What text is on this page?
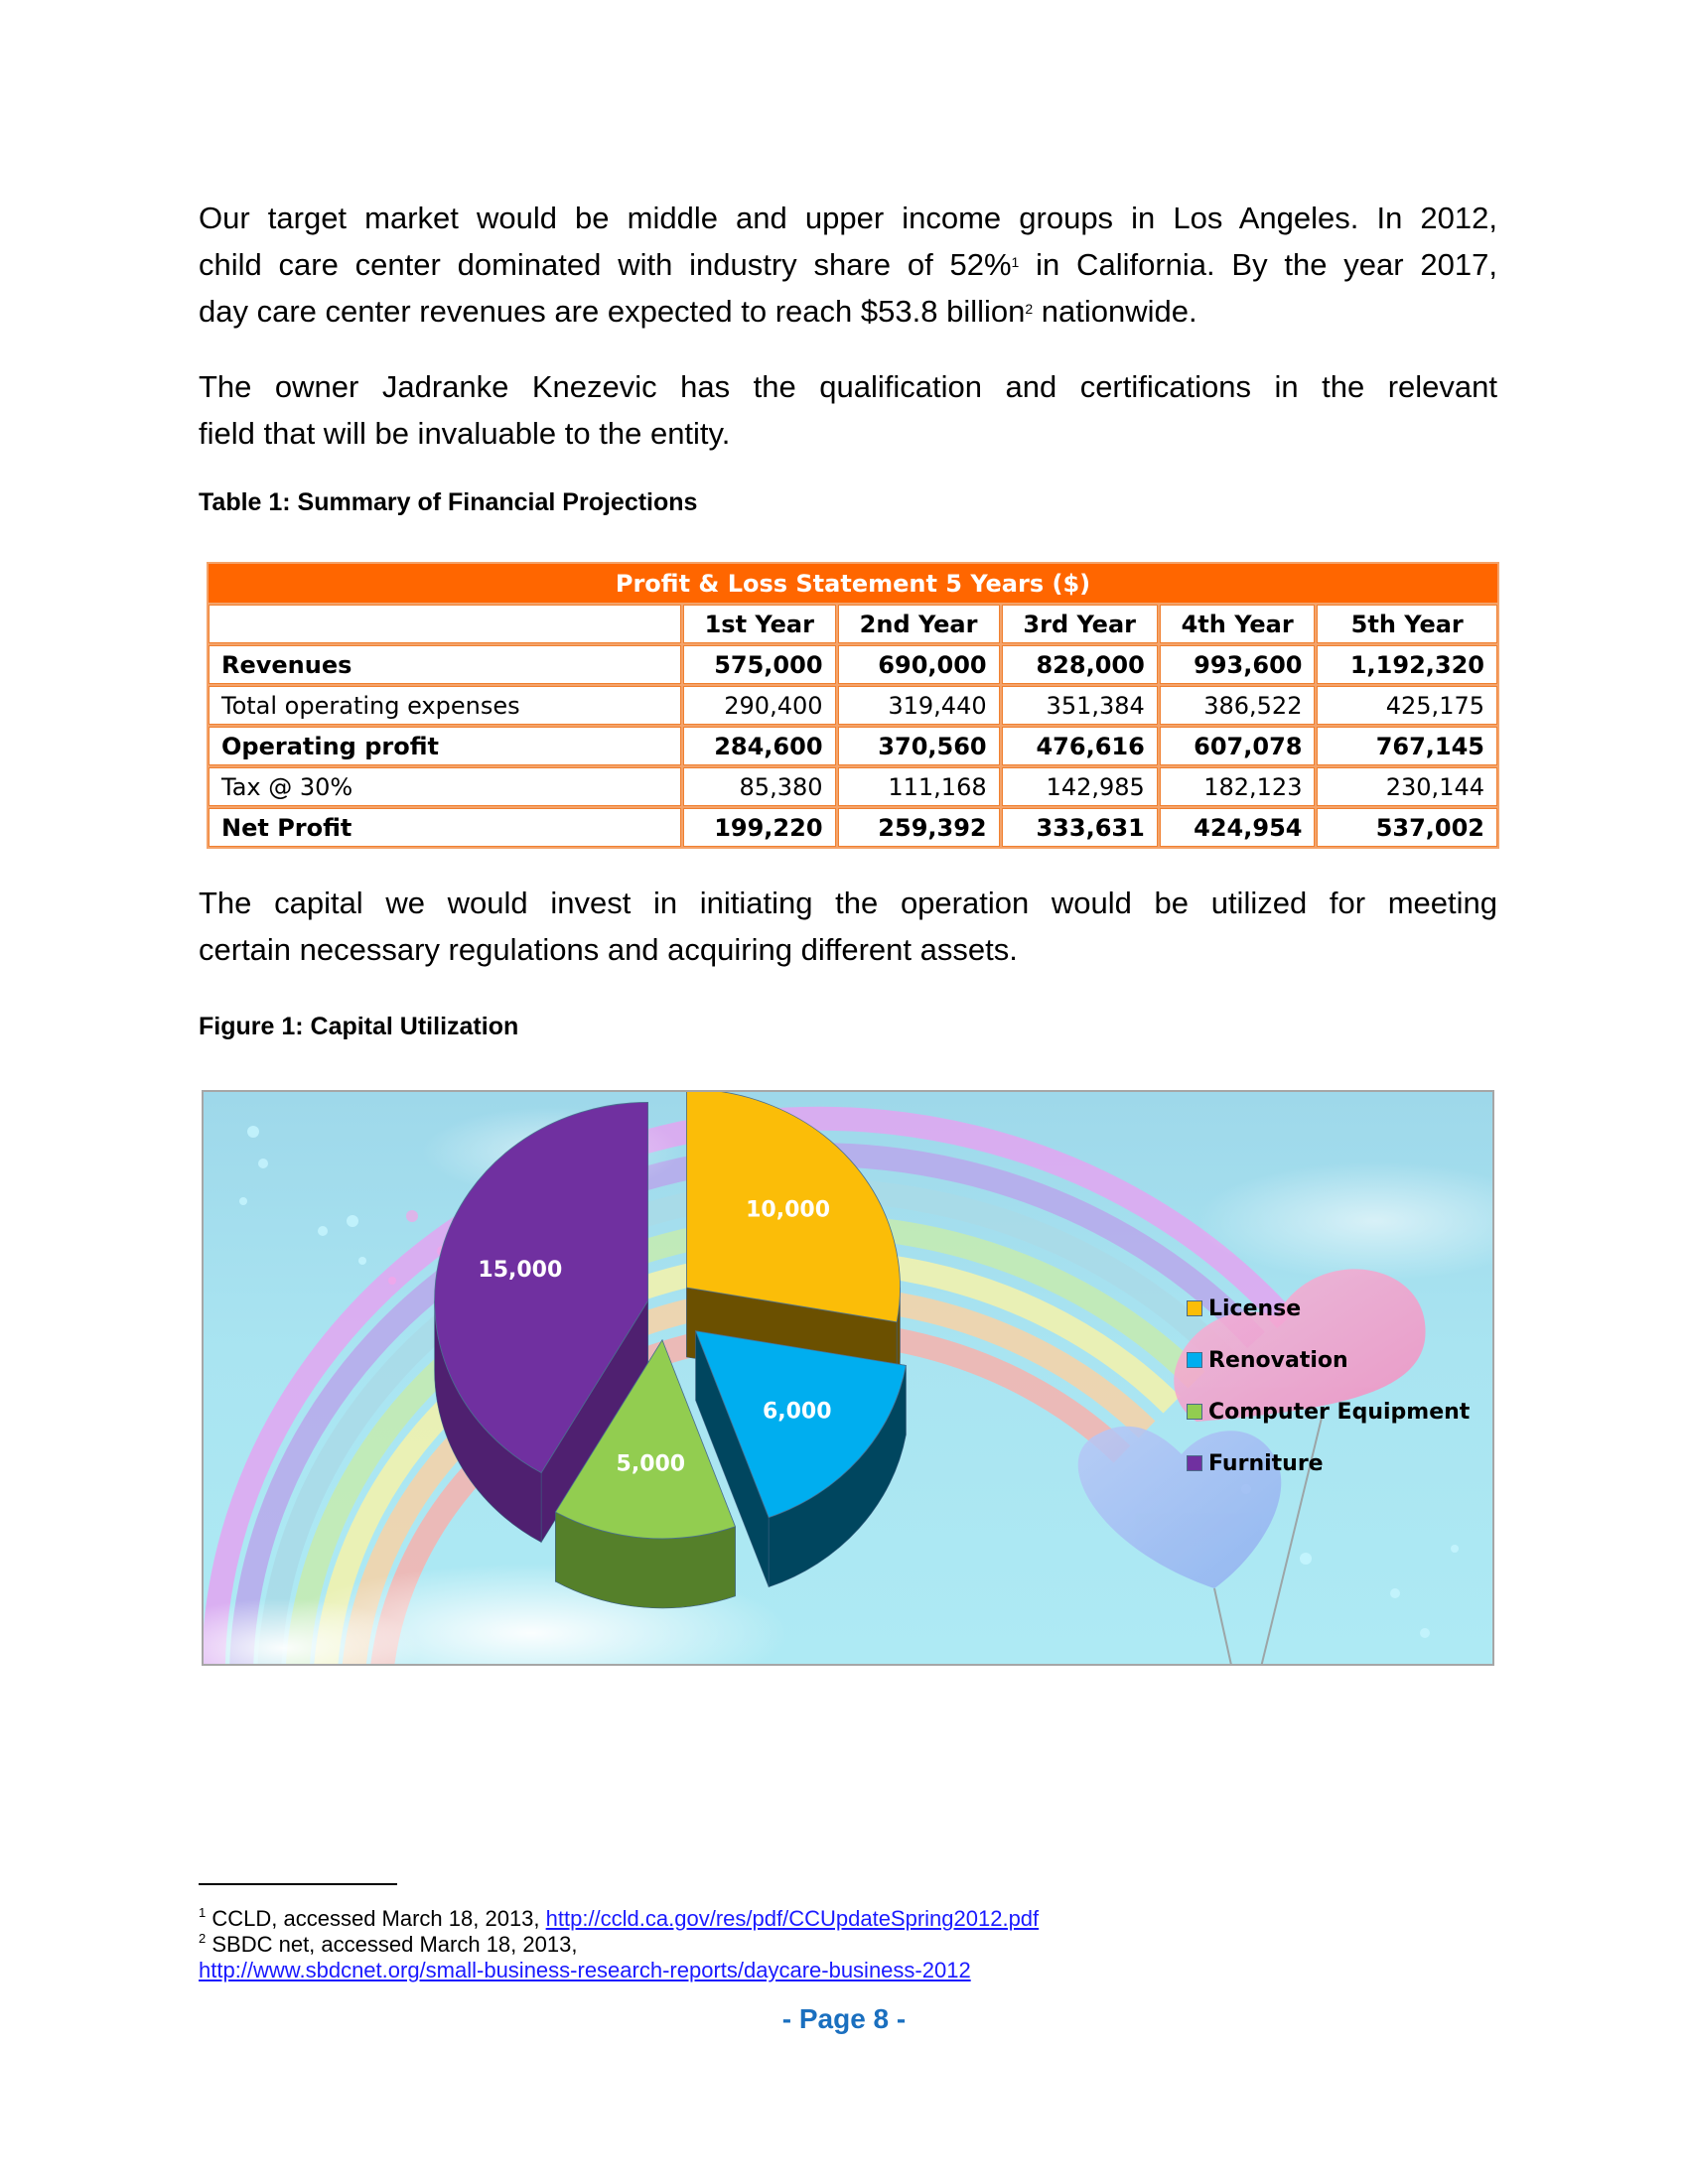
Our target market would be middle and upper income groups in Los Angeles. In 2012,
child care center dominated with industry share of 52%$^1$ in California. By the year 2017,
day care center revenues are expected to reach $53.8 billion$^2$ nationwide.
The owner Jadranke Knezevic has the qualification and certifications in the relevant
field that will be invaluable to the entity.
Table 1: Summary of Financial Projections
Profit & Loss Statement 5 Years ($)					
	1st Year	2nd Year	3rd Year	4th Year	5th Year
Revenues	575,000	690,000	828,000	993,600	1,192,320
Total operating expenses	290,400	319,440	351,384	386,522	425,175
Operating profit	284,600	370,560	476,616	607,078	767,145
Tax @ 30%	85,380	111,168	142,985	182,123	230,144
Net Profit	199,220	259,392	333,631	424,954	537,002
The capital we would invest in initiating the operation would be utilized for meeting
certain necessary regulations and acquiring different assets.
Figure 1: Capital Utilization
10,000
6,000
5,000
15,000
License
Renovation
Computer Equipment
Furniture
$^1$ CCLD, accessed March 18, 2013, http://ccld.ca.gov/res/pdf/CCUpdateSpring2012.pdf
$^2$ SBDC net, accessed March 18, 2013,
http://www.sbdcnet.org/small-business-research-reports/daycare-business-2012
- Page 8 -
